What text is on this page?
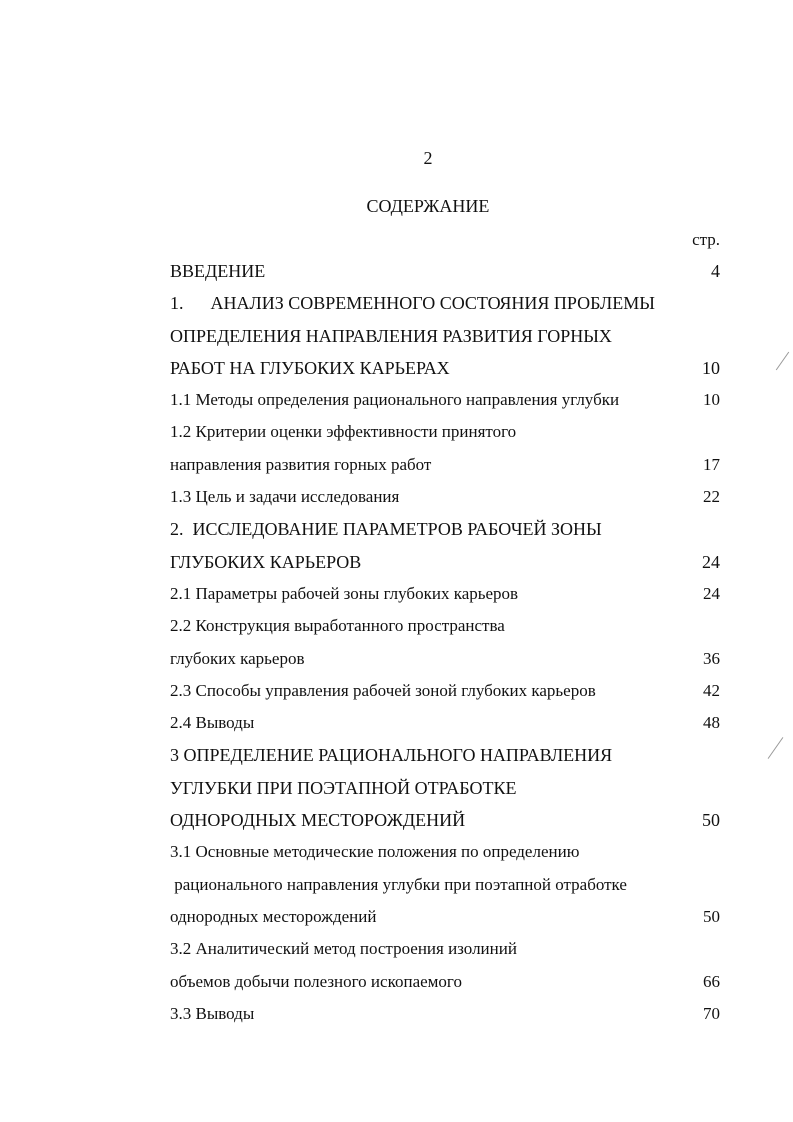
2
СОДЕРЖАНИЕ
стр.
ВВЕДЕНИЕ	4
1.      АНАЛИЗ СОВРЕМЕННОГО СОСТОЯНИЯ ПРОБЛЕМЫ
ОПРЕДЕЛЕНИЯ НАПРАВЛЕНИЯ РАЗВИТИЯ ГОРНЫХ
РАБОТ НА ГЛУБОКИХ КАРЬЕРАХ	10
1.1 Методы определения рационального направления углубки	10
1.2 Критерии оценки эффективности принятого
направления развития горных работ	17
1.3 Цель и задачи исследования	22
2.  ИССЛЕДОВАНИЕ ПАРАМЕТРОВ РАБОЧЕЙ ЗОНЫ
ГЛУБОКИХ КАРЬЕРОВ	24
2.1 Параметры рабочей зоны глубоких карьеров	24
2.2 Конструкция выработанного пространства
глубоких карьеров	36
2.3 Способы управления рабочей зоной глубоких карьеров	42
2.4 Выводы	48
3 ОПРЕДЕЛЕНИЕ РАЦИОНАЛЬНОГО НАПРАВЛЕНИЯ
УГЛУБКИ ПРИ ПОЭТАПНОЙ ОТРАБОТКЕ
ОДНОРОДНЫХ МЕСТОРОЖДЕНИЙ	50
3.1 Основные методические положения по определению
рационального направления углубки при поэтапной отработке
однородных месторождений	50
3.2 Аналитический метод построения изолиний
объемов добычи полезного ископаемого	66
3.3 Выводы	70
